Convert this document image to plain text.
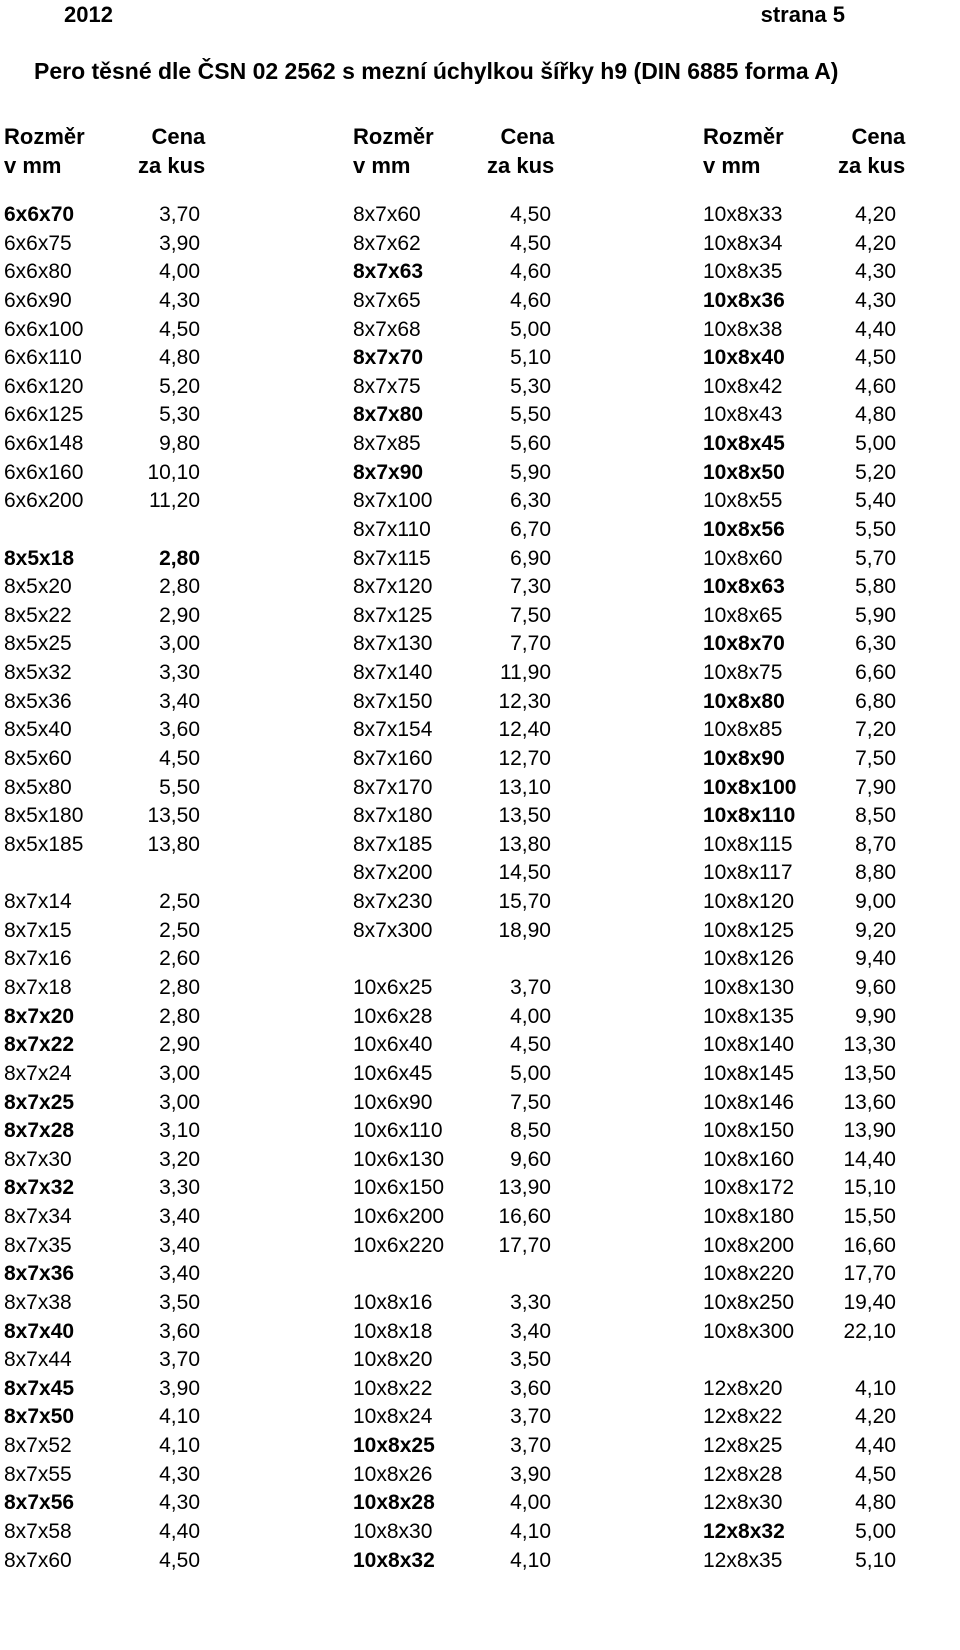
2012	strana 5
Pero těsné dle ČSN 02 2562 s mezní úchylkou šířky h9 (DIN 6885 forma A)
Rozměr
v mm
Cena
za kus
Rozměr
v mm
Cena
za kus
Rozměr
v mm
Cena
za kus
6x6x70	3,70
6x6x75	3,90
6x6x80	4,00
6x6x90	4,30
6x6x100	4,50
6x6x110	4,80
6x6x120	5,20
6x6x125	5,30
6x6x148	9,80
6x6x160	10,10
6x6x200	11,20
8x5x18	2,80
8x5x20	2,80
8x5x22	2,90
8x5x25	3,00
8x5x32	3,30
8x5x36	3,40
8x5x40	3,60
8x5x60	4,50
8x5x80	5,50
8x5x180	13,50
8x5x185	13,80
8x7x14	2,50
8x7x15	2,50
8x7x16	2,60
8x7x18	2,80
8x7x20	2,80
8x7x22	2,90
8x7x24	3,00
8x7x25	3,00
8x7x28	3,10
8x7x30	3,20
8x7x32	3,30
8x7x34	3,40
8x7x35	3,40
8x7x36	3,40
8x7x38	3,50
8x7x40	3,60
8x7x44	3,70
8x7x45	3,90
8x7x50	4,10
8x7x52	4,10
8x7x55	4,30
8x7x56	4,30
8x7x58	4,40
8x7x60	4,50
8x7x60	4,50
8x7x62	4,50
8x7x63	4,60
8x7x65	4,60
8x7x68	5,00
8x7x70	5,10
8x7x75	5,30
8x7x80	5,50
8x7x85	5,60
8x7x90	5,90
8x7x100	6,30
8x7x110	6,70
8x7x115	6,90
8x7x120	7,30
8x7x125	7,50
8x7x130	7,70
8x7x140	11,90
8x7x150	12,30
8x7x154	12,40
8x7x160	12,70
8x7x170	13,10
8x7x180	13,50
8x7x185	13,80
8x7x200	14,50
8x7x230	15,70
8x7x300	18,90
10x6x25	3,70
10x6x28	4,00
10x6x40	4,50
10x6x45	5,00
10x6x90	7,50
10x6x110	8,50
10x6x130	9,60
10x6x150	13,90
10x6x200	16,60
10x6x220	17,70
10x8x16	3,30
10x8x18	3,40
10x8x20	3,50
10x8x22	3,60
10x8x24	3,70
10x8x25	3,70
10x8x26	3,90
10x8x28	4,00
10x8x30	4,10
10x8x32	4,10
10x8x33	4,20
10x8x34	4,20
10x8x35	4,30
10x8x36	4,30
10x8x38	4,40
10x8x40	4,50
10x8x42	4,60
10x8x43	4,80
10x8x45	5,00
10x8x50	5,20
10x8x55	5,40
10x8x56	5,50
10x8x60	5,70
10x8x63	5,80
10x8x65	5,90
10x8x70	6,30
10x8x75	6,60
10x8x80	6,80
10x8x85	7,20
10x8x90	7,50
10x8x100	7,90
10x8x110	8,50
10x8x115	8,70
10x8x117	8,80
10x8x120	9,00
10x8x125	9,20
10x8x126	9,40
10x8x130	9,60
10x8x135	9,90
10x8x140 13,30
10x8x145 13,50
10x8x146 13,60
10x8x150 13,90
10x8x160 14,40
10x8x172 15,10
10x8x180 15,50
10x8x200 16,60
10x8x220 17,70
10x8x250 19,40
10x8x300 22,10
12x8x20	4,10
12x8x22	4,20
12x8x25	4,40
12x8x28	4,50
12x8x30	4,80
12x8x32	5,00
12x8x35	5,10
